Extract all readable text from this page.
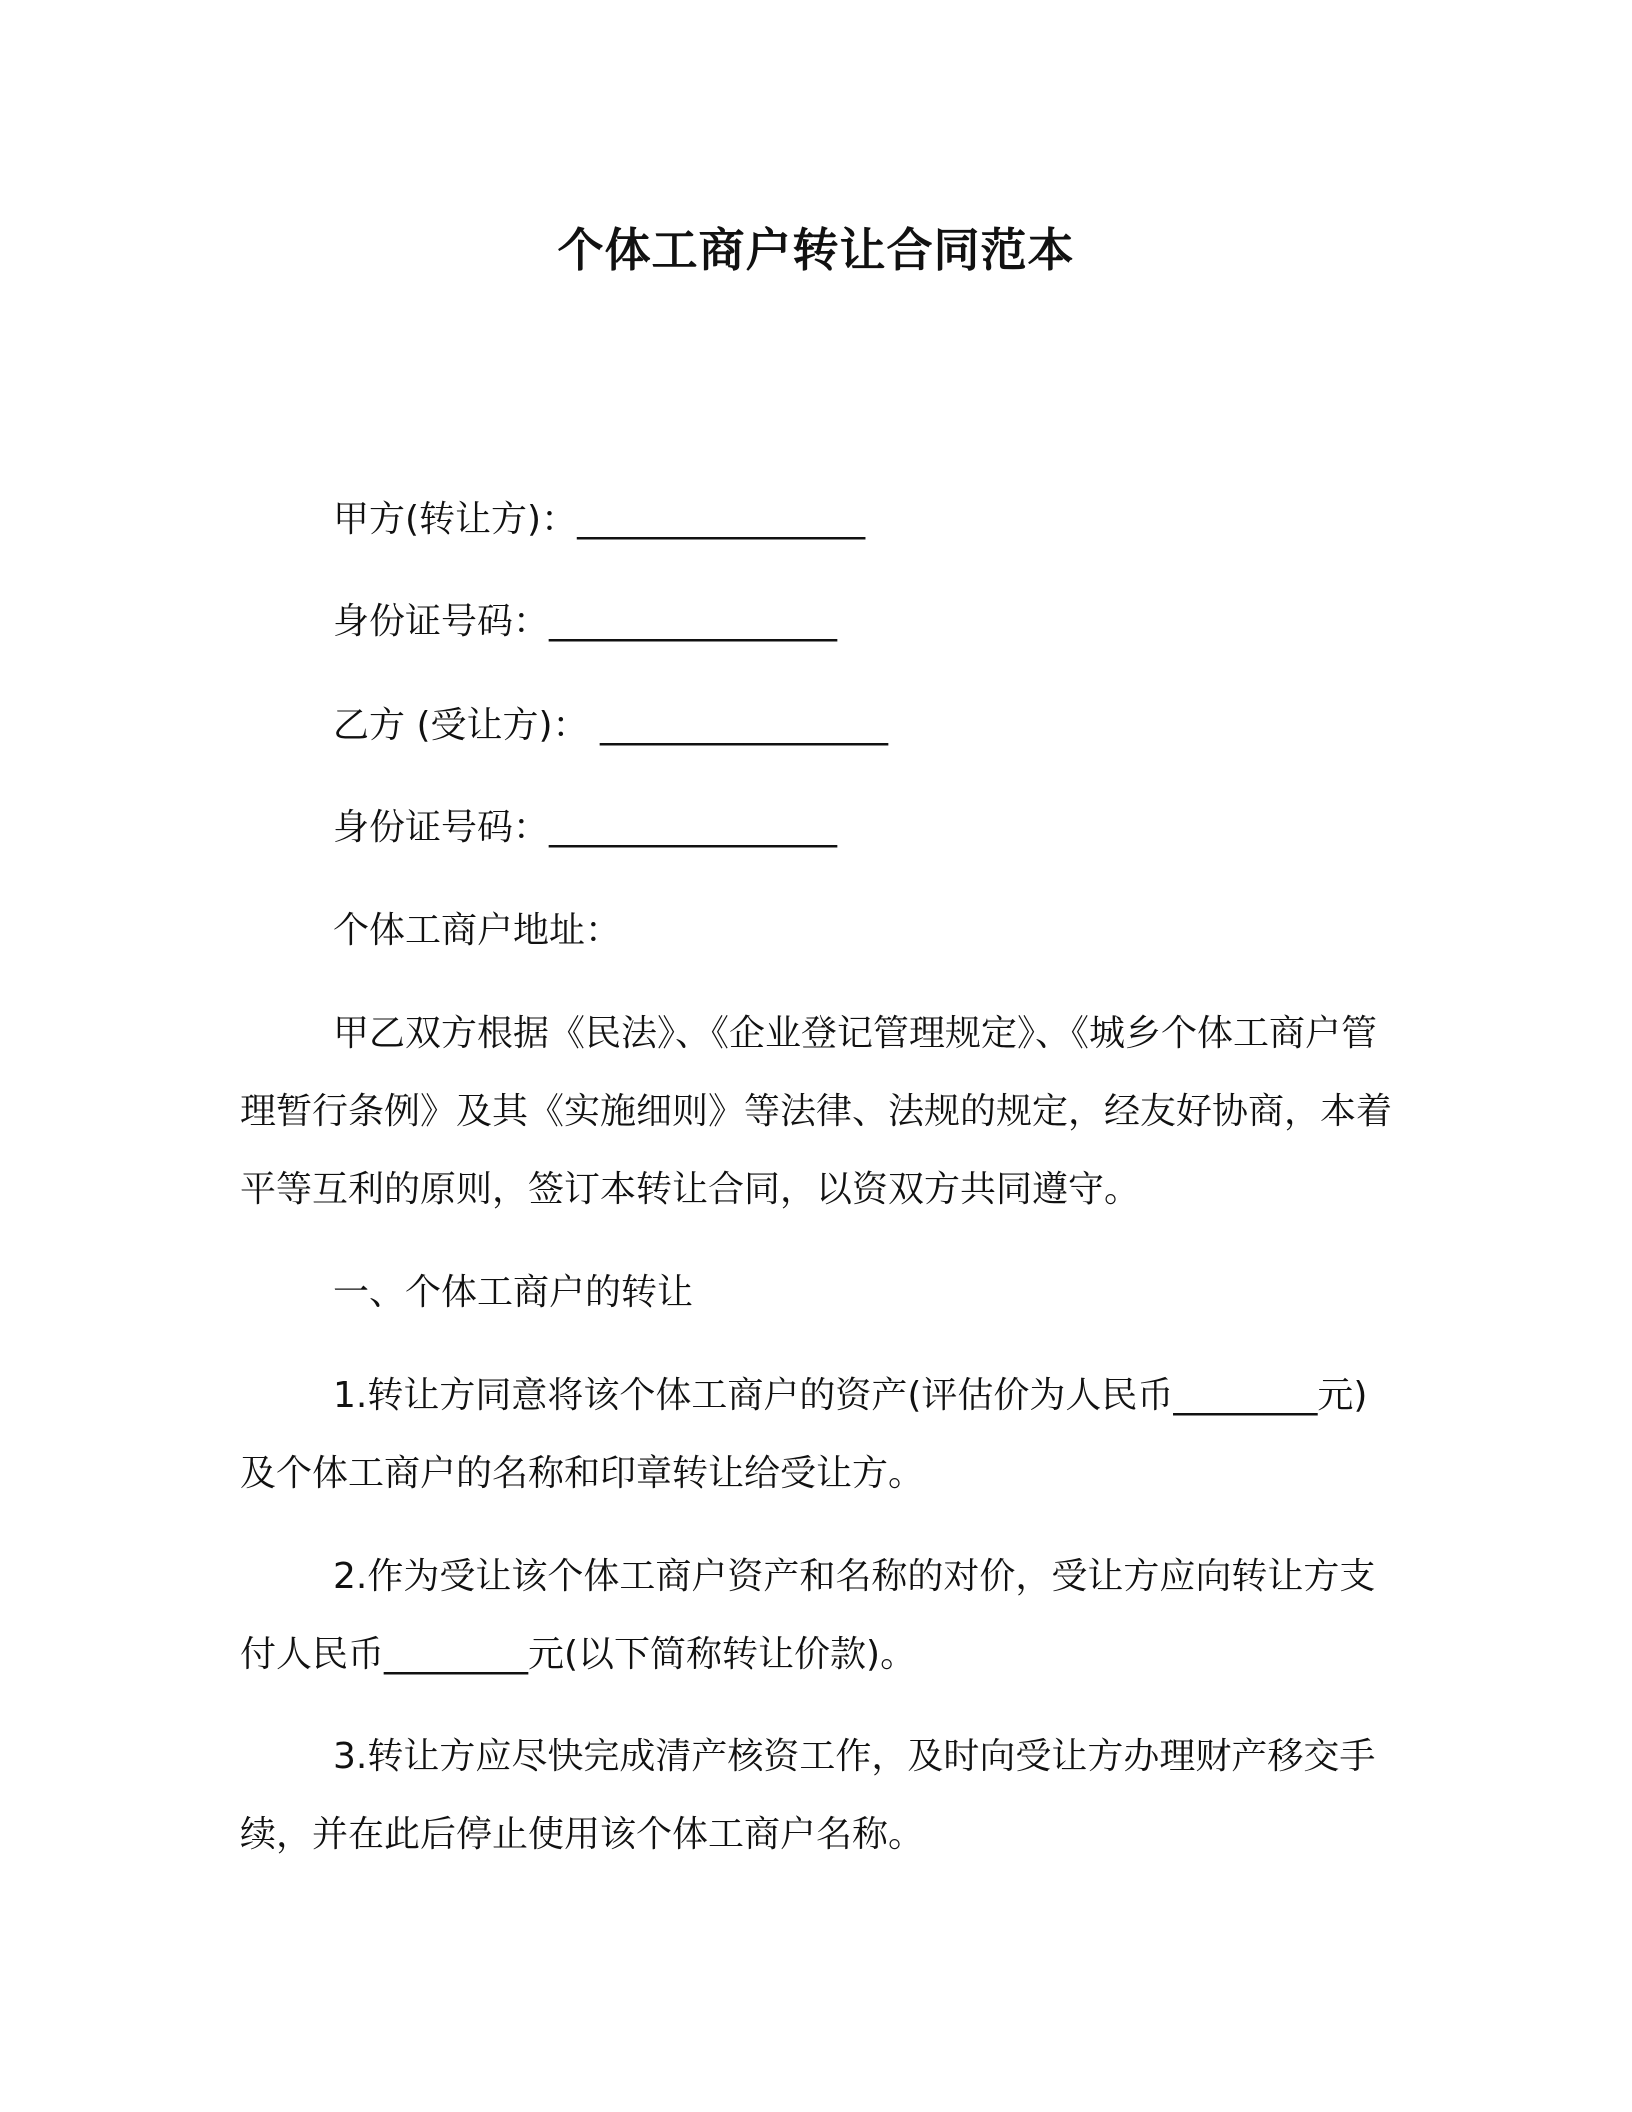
个体工商户转让合同范本
甲方(转让方)：________________
身份证号码：________________
乙方 (受让方)： ________________
身份证号码：________________
个体工商户地址：

甲乙双方根据《民法》、《企业登记管理规定》、《城乡个体工商户管理暂行条例》及其《实施细则》等法律、法规的规定，经友好协商，本着平等互利的原则，签订本转让合同，以资双方共同遵守。

一、个体工商户的转让

1.转让方同意将该个体工商户的资产(评估价为人民币________元)及个体工商户的名称和印章转让给受让方。

2.作为受让该个体工商户资产和名称的对价，受让方应向转让方支付人民币________元(以下简称转让价款)。

3.转让方应尽快完成清产核资工作，及时向受让方办理财产移交手续，并在此后停止使用该个体工商户名称。
